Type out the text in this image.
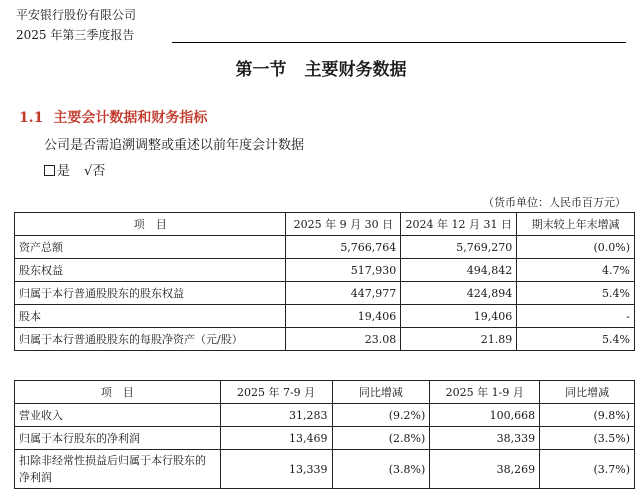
平安银行股份有限公司
2025 年第三季度报告
第一节 主要财务数据
1.1 主要会计数据和财务指标
公司是否需追溯调整或重述以前年度会计数据
是 √否
（货币单位：人民币百万元）
项　目	2025 年 9 月 30 日	2024 年 12 月 31 日	期末较上年末增减
资产总额	5,766,764	5,769,270	(0.0%)
股东权益	517,930	494,842	4.7%
归属于本行普通股股东的股东权益	447,977	424,894	5.4%
股本	19,406	19,406	-
归属于本行普通股股东的每股净资产（元/股）	23.08	21.89	5.4%
项　目	2025 年 7-9 月	同比增减	2025 年 1-9 月	同比增减
营业收入	31,283	(9.2%)	100,668	(9.8%)
归属于本行股东的净利润	13,469	(2.8%)	38,339	(3.5%)
扣除非经常性损益后归属于本行股东的净利润	13,339	(3.8%)	38,269	(3.7%)
